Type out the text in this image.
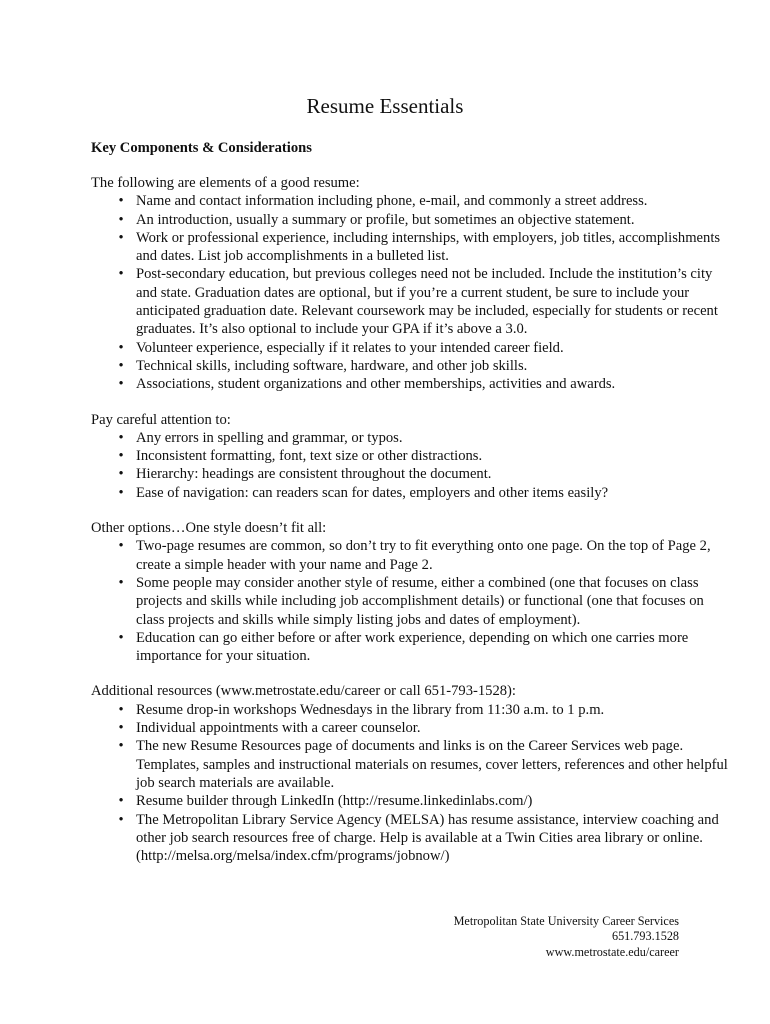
Resume Essentials
Key Components & Considerations

The following are elements of a good resume:

• Name and contact information including phone, e-mail, and commonly a street address.
• An introduction, usually a summary or profile, but sometimes an objective statement.
• Work or professional experience, including internships, with employers, job titles, accomplishments and dates. List job accomplishments in a bulleted list.
• Post-secondary education, but previous colleges need not be included. Include the institution’s city and state. Graduation dates are optional, but if you’re a current student, be sure to include your anticipated graduation date. Relevant coursework may be included, especially for students or recent graduates. It’s also optional to include your GPA if it’s above a 3.0.
• Volunteer experience, especially if it relates to your intended career field.
• Technical skills, including software, hardware, and other job skills.
• Associations, student organizations and other memberships, activities and awards.

Pay careful attention to:

• Any errors in spelling and grammar, or typos.
• Inconsistent formatting, font, text size or other distractions.
• Hierarchy: headings are consistent throughout the document.
• Ease of navigation: can readers scan for dates, employers and other items easily?

Other options…One style doesn’t fit all:

• Two-page resumes are common, so don’t try to fit everything onto one page. On the top of Page 2, create a simple header with your name and Page 2.
• Some people may consider another style of resume, either a combined (one that focuses on class projects and skills while including job accomplishment details) or functional (one that focuses on class projects and skills while simply listing jobs and dates of employment).
• Education can go either before or after work experience, depending on which one carries more importance for your situation.

Additional resources (www.metrostate.edu/career or call 651-793-1528):

• Resume drop-in workshops Wednesdays in the library from 11:30 a.m. to 1 p.m.
• Individual appointments with a career counselor.
• The new Resume Resources page of documents and links is on the Career Services web page. Templates, samples and instructional materials on resumes, cover letters, references and other helpful job search materials are available.
• Resume builder through LinkedIn (http://resume.linkedinlabs.com/)
• The Metropolitan Library Service Agency (MELSA) has resume assistance, interview coaching and other job search resources free of charge. Help is available at a Twin Cities area library or online. (http://melsa.org/melsa/index.cfm/programs/jobnow/)
Metropolitan State University Career Services
651.793.1528
www.metrostate.edu/career
